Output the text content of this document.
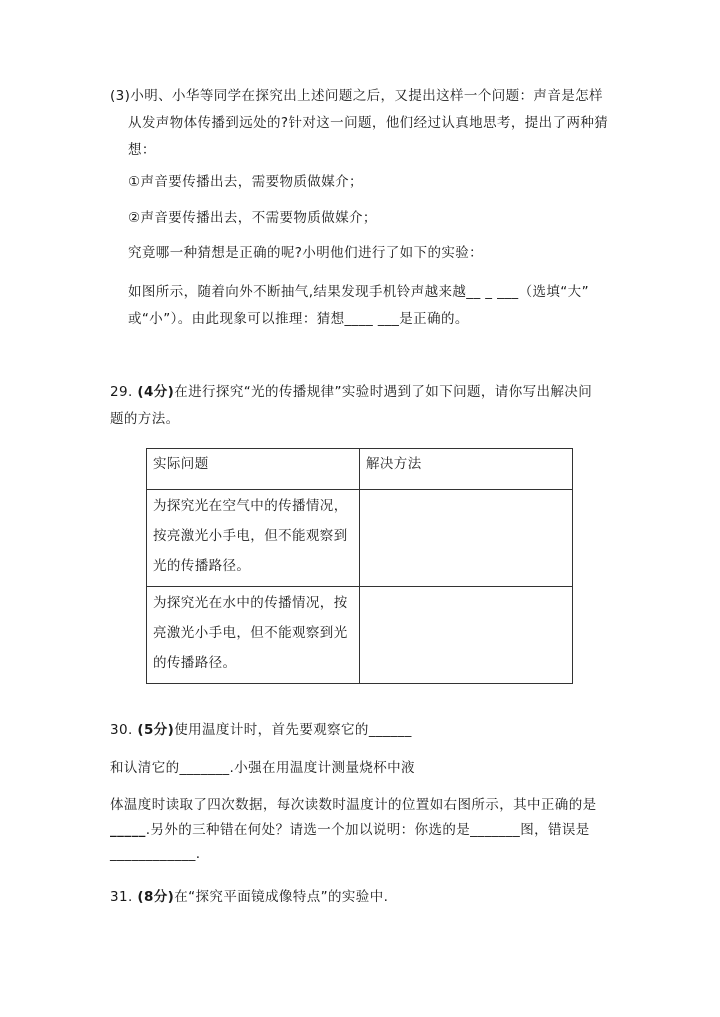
(3)小明、小华等同学在探究出上述问题之后，又提出这样一个问题：声音是怎样
从发声物体传播到远处的?针对这一问题，他们经过认真地思考，提出了两种猜
想：
①声音要传播出去，需要物质做媒介；
②声音要传播出去，不需要物质做媒介；
究竟哪一种猜想是正确的呢?小明他们进行了如下的实验：
如图所示，随着向外不断抽气,结果发现手机铃声越来越__ _ ___（选填“大”
或“小”）。由此现象可以推理：猜想____ ___是正确的。
29. (4分)在进行探究“光的传播规律”实验时遇到了如下问题，请你写出解决问
题的方法。
实际问题	解决方法

为探究光在空气中的传播情况，
按亮激光小手电，但不能观察到
光的传播路径。	

为探究光在水中的传播情况，按
亮激光小手电，但不能观察到光
的传播路径。	

30. (5分)使用温度计时，首先要观察它的______
和认清它的_______.小强在用温度计测量烧杯中液
体温度时读取了四次数据，每次读数时温度计的位置如右图所示，其中正确的是
_____.另外的三种错在何处？请选一个加以说明：你选的是_______图，错误是
____________.
31. (8分)在“探究平面镜成像特点”的实验中.
